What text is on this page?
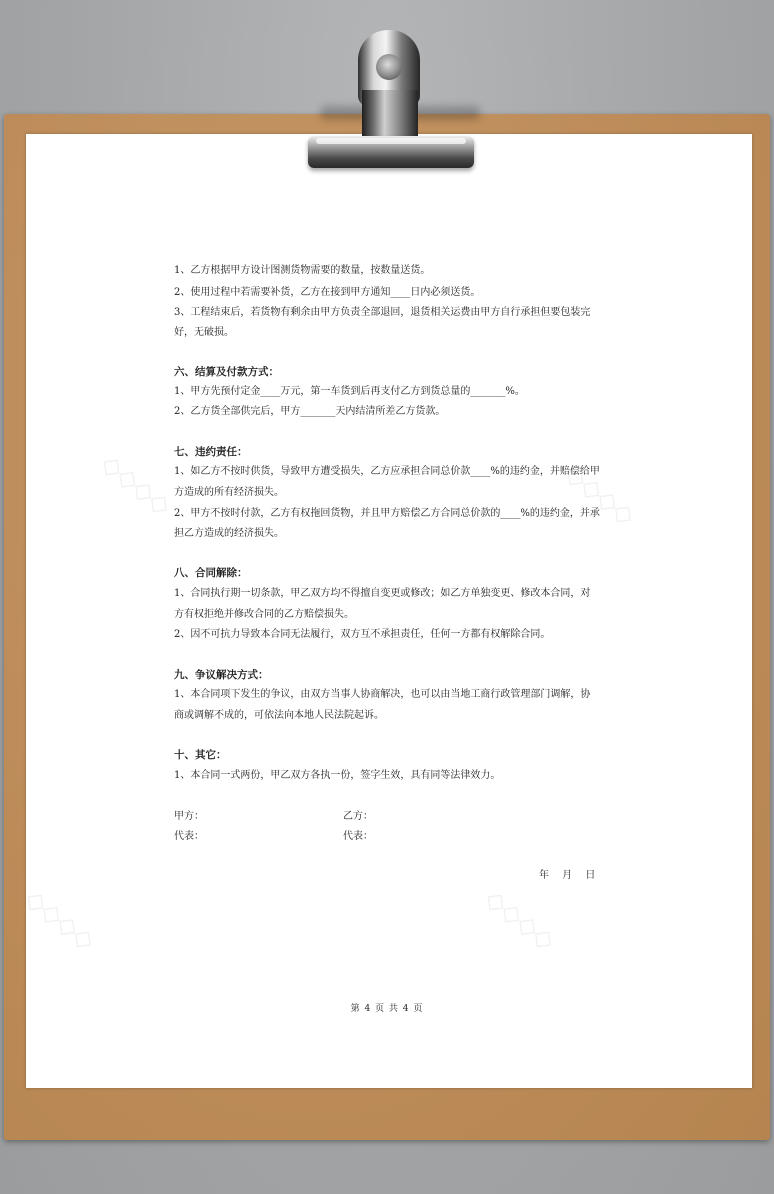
1、乙方根据甲方设计图测货物需要的数量，按数量送货。
2、使用过程中若需要补货，乙方在接到甲方通知____日内必须送货。
3、工程结束后，若货物有剩余由甲方负责全部退回，退货相关运费由甲方自行承担但要包装完
好，无破损。
六、结算及付款方式：
1、甲方先预付定金____万元，第一车货到后再支付乙方到货总量的_______%。
2、乙方货全部供完后，甲方_______天内结清所差乙方货款。
七、违约责任：
1、如乙方不按时供货，导致甲方遭受损失，乙方应承担合同总价款____%的违约金，并赔偿给甲
方造成的所有经济损失。
2、甲方不按时付款，乙方有权拖回货物，并且甲方赔偿乙方合同总价款的____%的违约金，并承
担乙方造成的经济损失。
八、合同解除：
1、合同执行期一切条款，甲乙双方均不得擅自变更或修改；如乙方单独变更、修改本合同，对
方有权拒绝并修改合同的乙方赔偿损失。
2、因不可抗力导致本合同无法履行，双方互不承担责任，任何一方都有权解除合同。
九、争议解决方式：
1、本合同项下发生的争议，由双方当事人协商解决，也可以由当地工商行政管理部门调解，协
商或调解不成的，可依法向本地人民法院起诉。
十、其它：
1、本合同一式两份，甲乙双方各执一份，签字生效，具有同等法律效力。
甲方：	乙方：
代表：	代表：
年　 月　 日
第 4 页 共 4 页
